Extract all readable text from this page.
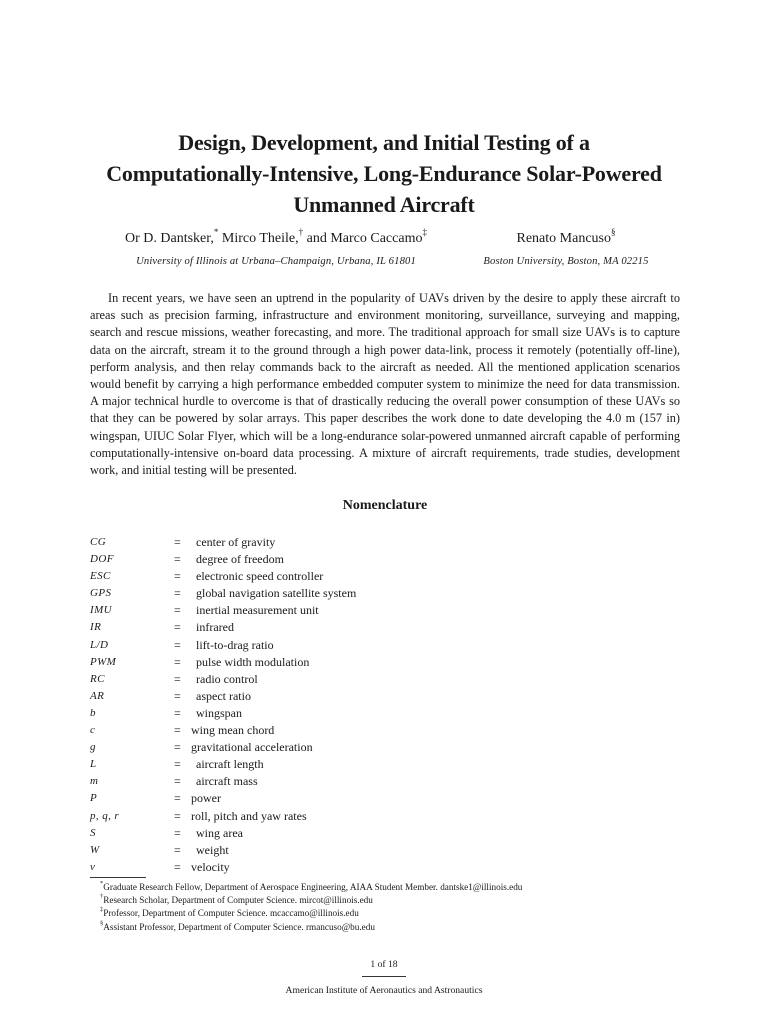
Design, Development, and Initial Testing of a
Computationally-Intensive, Long-Endurance Solar-Powered
Unmanned Aircraft
Or D. Dantsker,* Mirco Theile,† and Marco Caccamo‡
University of Illinois at Urbana–Champaign, Urbana, IL 61801
Renato Mancuso§
Boston University, Boston, MA 02215

In recent years, we have seen an uptrend in the popularity of UAVs driven by the desire to apply these aircraft to areas such as precision farming, infrastructure and environment monitoring, surveillance, surveying and mapping, search and rescue missions, weather forecasting, and more. The traditional approach for small size UAVs is to capture data on the aircraft, stream it to the ground through a high power data-link, process it remotely (potentially off-line), perform analysis, and then relay commands back to the aircraft as needed. All the mentioned application scenarios would benefit by carrying a high performance embedded computer system to minimize the need for data transmission. A major technical hurdle to overcome is that of drastically reducing the overall power consumption of these UAVs so that they can be powered by solar arrays. This paper describes the work done to date developing the 4.0 m (157 in) wingspan, UIUC Solar Flyer, which will be a long-endurance solar-powered unmanned aircraft capable of performing computationally-intensive on-board data processing. A mixture of aircraft requirements, trade studies, development work, and initial testing will be presented.

Nomenclature
CG	= center of gravity
DOF	= degree of freedom
ESC	= electronic speed controller
GPS	= global navigation satellite system
IMU	= inertial measurement unit
IR	= infrared
L/D	= lift-to-drag ratio
PWM	= pulse width modulation
RC	= radio control
AR	= aspect ratio
b	= wingspan
c	= wing mean chord
g	= gravitational acceleration
L	= aircraft length
m	= aircraft mass
P	= power
p, q, r	= roll, pitch and yaw rates
S	= wing area
W	= weight
v	= velocity
*Graduate Research Fellow, Department of Aerospace Engineering, AIAA Student Member. dantske1@illinois.edu
†Research Scholar, Department of Computer Science. mircot@illinois.edu
‡Professor, Department of Computer Science. mcaccamo@illinois.edu
§Assistant Professor, Department of Computer Science. rmancuso@bu.edu
1 of 18
American Institute of Aeronautics and Astronautics
